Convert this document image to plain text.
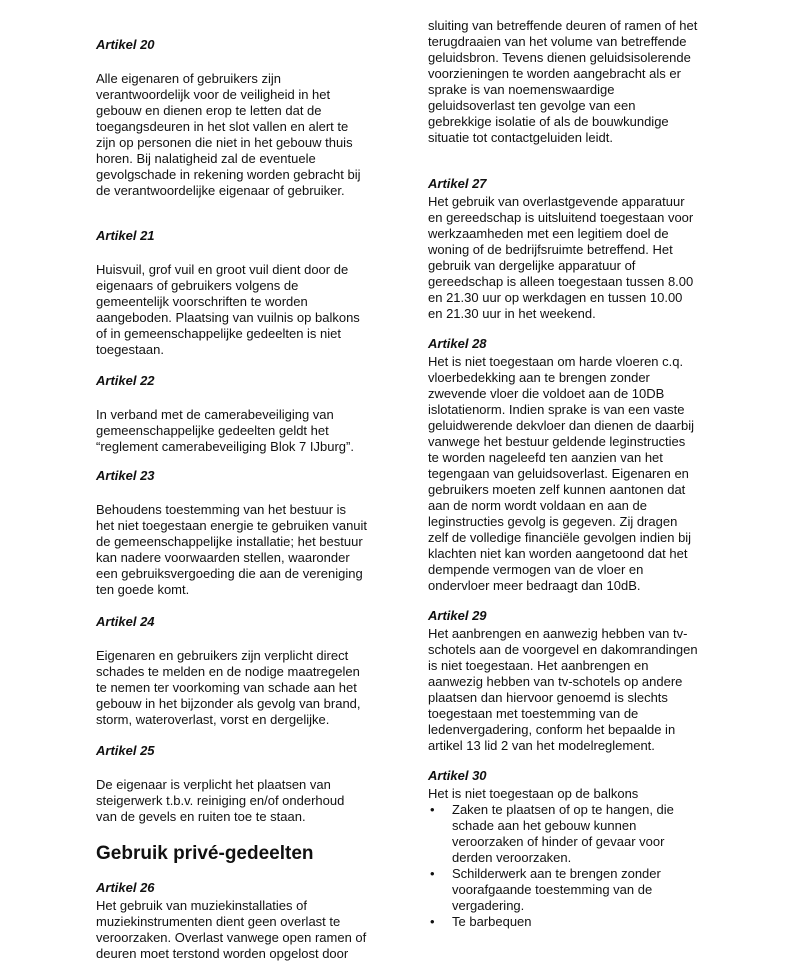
Artikel 20

Alle eigenaren of gebruikers zijn
verantwoordelijk voor de veiligheid in het
gebouw en dienen erop te letten dat de
toegangsdeuren in het slot vallen en alert te
zijn op personen die niet in het gebouw thuis
horen. Bij nalatigheid zal de eventuele
gevolgschade in rekening worden gebracht bij
de verantwoordelijke eigenaar of gebruiker.

Artikel 21

Huisvuil, grof vuil en groot vuil dient door de
eigenaars of gebruikers volgens de
gemeentelijk voorschriften te worden
aangeboden. Plaatsing van vuilnis op balkons
of in gemeenschappelijke gedeelten is niet
toegestaan.

Artikel 22

In verband met de camerabeveiliging van
gemeenschappelijke gedeelten geldt het
“reglement camerabeveiliging Blok 7 IJburg”.

Artikel 23

Behoudens toestemming van het bestuur is
het niet toegestaan energie te gebruiken vanuit
de gemeenschappelijke installatie; het bestuur
kan nadere voorwaarden stellen, waaronder
een gebruiksvergoeding die aan de vereniging
ten goede komt.

Artikel 24

Eigenaren en gebruikers zijn verplicht direct
schades te melden en de nodige maatregelen
te nemen ter voorkoming van schade aan het
gebouw in het bijzonder als gevolg van brand,
storm, wateroverlast, vorst en dergelijke.

Artikel 25

De eigenaar is verplicht het plaatsen van
steigerwerk t.b.v. reiniging en/of onderhoud
van de gevels en ruiten toe te staan.

Gebruik privé-gedeelten

Artikel 26

Het gebruik van muziekinstallaties of
muziekinstrumenten dient geen overlast te
veroorzaken. Overlast vanwege open ramen of
deuren moet terstond worden opgelost door

sluiting van betreffende deuren of ramen of het
terugdraaien van het volume van betreffende
geluidsbron. Tevens dienen geluidsisolerende
voorzieningen te worden aangebracht als er
sprake is van noemenswaardige
geluidsoverlast ten gevolge van een
gebrekkige isolatie of als de bouwkundige
situatie tot contactgeluiden leidt.

Artikel 27

Het gebruik van overlastgevende apparatuur
en gereedschap is uitsluitend toegestaan voor
werkzaamheden met een legitiem doel de
woning of de bedrijfsruimte betreffend. Het
gebruik van dergelijke apparatuur of
gereedschap is alleen toegestaan tussen 8.00
en 21.30 uur op werkdagen en tussen 10.00
en 21.30 uur in het weekend.

Artikel 28

Het is niet toegestaan om harde vloeren c.q.
vloerbedekking aan te brengen zonder
zwevende vloer die voldoet aan de 10DB
islotatienorm. Indien sprake is van een vaste
geluidwerende dekvloer dan dienen de daarbij
vanwege het bestuur geldende leginstructies
te worden nageleefd ten aanzien van het
tegengaan van geluidsoverlast. Eigenaren en
gebruikers moeten zelf kunnen aantonen dat
aan de norm wordt voldaan en aan de
leginstructies gevolg is gegeven. Zij dragen
zelf de volledige financiële gevolgen indien bij
klachten niet kan worden aangetoond dat het
dempende vermogen van de vloer en
ondervloer meer bedraagt dan 10dB.

Artikel 29

Het aanbrengen en aanwezig hebben van tv-
schotels aan de voorgevel en dakomrandingen
is niet toegestaan. Het aanbrengen en
aanwezig hebben van tv-schotels op andere
plaatsen dan hiervoor genoemd is slechts
toegestaan met toestemming van de
ledenvergadering, conform het bepaalde in
artikel 13 lid 2 van het modelreglement.

Artikel 30

Het is niet toegestaan op de balkons

• Zaken te plaatsen of op te hangen, die
schade aan het gebouw kunnen
veroorzaken of hinder of gevaar voor
derden veroorzaken.
• Schilderwerk aan te brengen zonder
voorafgaande toestemming van de
vergadering.
• Te barbequen
